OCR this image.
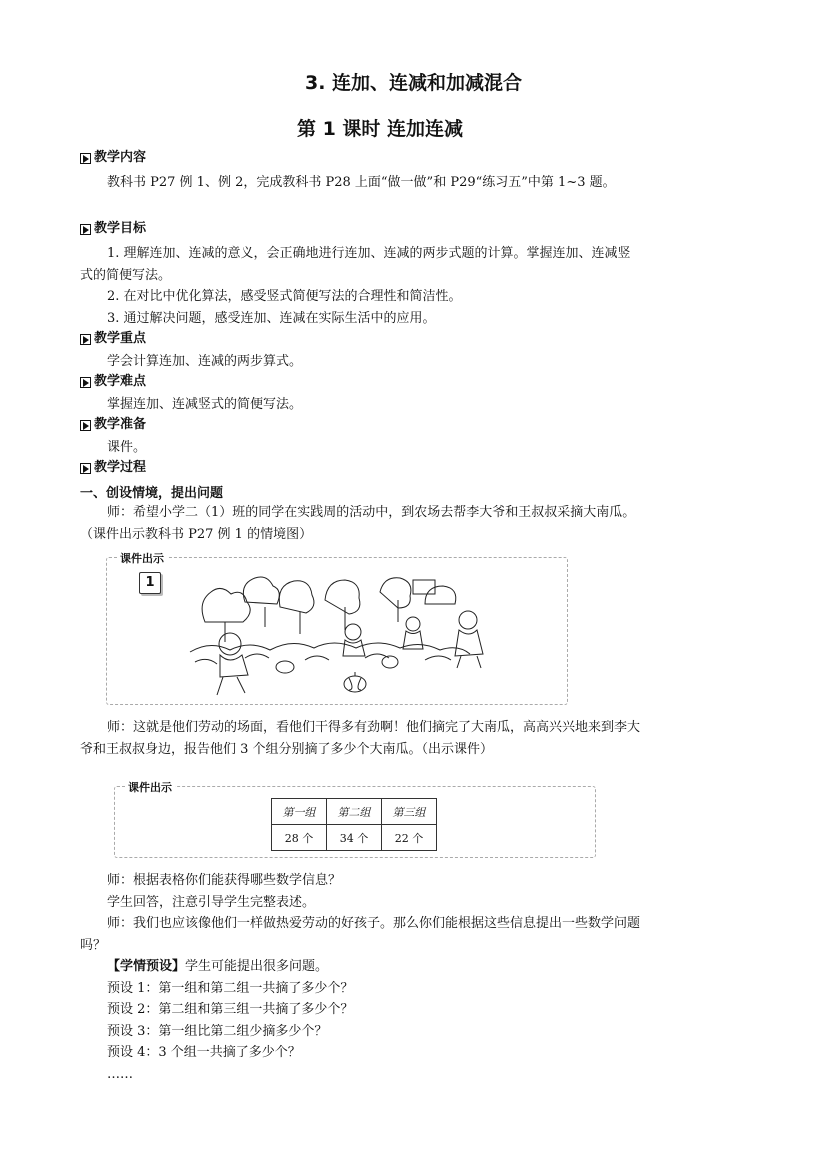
3. 连加、连减和加减混合
第 1 课时 连加连减
教学内容

教科书 P27 例 1、例 2，完成教科书 P28 上面“做一做”和 P29“练习五”中第 1~3 题。

教学目标

1. 理解连加、连减的意义，会正确地进行连加、连减的两步式题的计算。掌握连加、连减竖式的简便写法。

2. 在对比中优化算法，感受竖式简便写法的合理性和简洁性。

3. 通过解决问题，感受连加、连减在实际生活中的应用。

教学重点

学会计算连加、连减的两步算式。

教学难点

掌握连加、连减竖式的简便写法。

教学准备

课件。

教学过程
一、创设情境，提出问题

师：希望小学二（1）班的同学在实践周的活动中，到农场去帮李大爷和王叔叔采摘大南瓜。（课件出示教科书 P27 例 1 的情境图）

课件出示
1

师：这就是他们劳动的场面，看他们干得多有劲啊！他们摘完了大南瓜，高高兴兴地来到李大爷和王叔叔身边，报告他们 3 个组分别摘了多少个大南瓜。（出示课件）

课件出示
第一组	第二组	第三组
28 个	34 个	22 个

师：根据表格你们能获得哪些数学信息？

学生回答，注意引导学生完整表述。

师：我们也应该像他们一样做热爱劳动的好孩子。那么你们能根据这些信息提出一些数学问题吗？

【学情预设】学生可能提出很多问题。

预设 1：第一组和第二组一共摘了多少个？

预设 2：第二组和第三组一共摘了多少个？

预设 3：第一组比第二组少摘多少个？

预设 4：3 个组一共摘了多少个？

……
